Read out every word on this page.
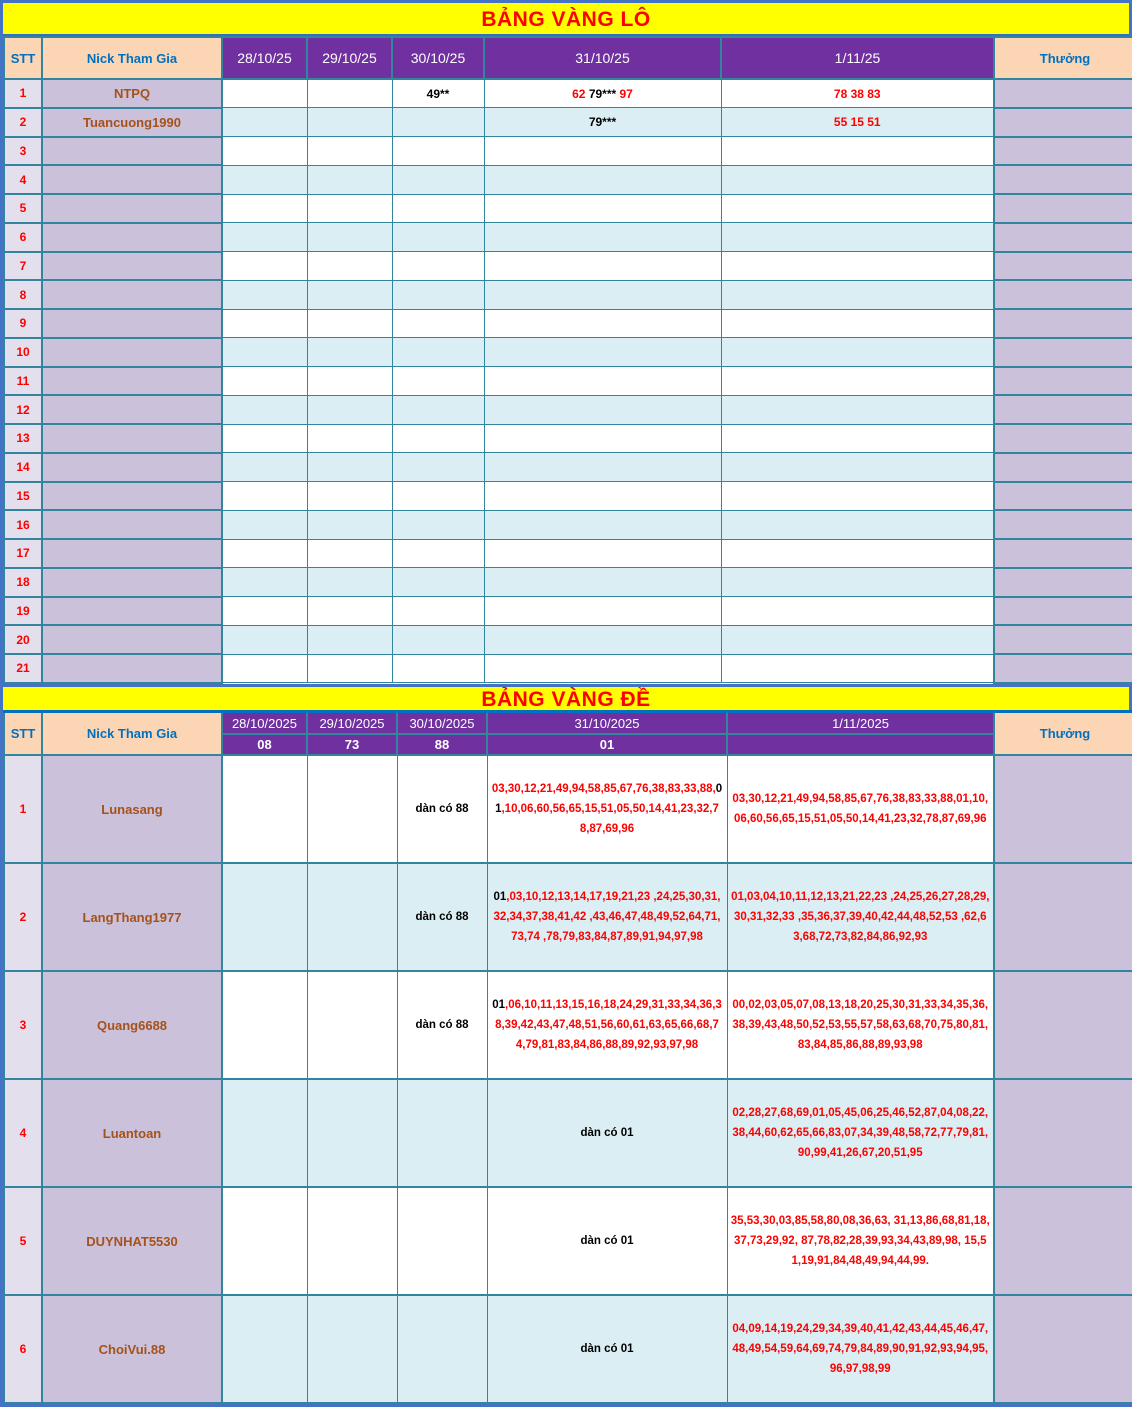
BẢNG VÀNG LÔ
STT	Nick Tham Gia	28/10/25	29/10/25	30/10/25	31/10/25	1/11/25	Thưởng
1	NTPQ			49**	62 79*** 97	78 38 83	
2	Tuancuong1990				79***	55 15 51	
3							
4							
5							
6							
7							
8							
9							
10							
11							
12							
13							
14							
15							
16							
17							
18							
19							
20							
21							
BẢNG VÀNG ĐỀ
STT	Nick Tham Gia	28/10/2025	29/10/2025	30/10/2025	31/10/2025	1/11/2025	Thưởng
		08	73	88	01		
1	Lunasang			dàn có 88	03,30,12,21,49,94,58,85,67,76,38,83,33,88,01,10,06,60,56,65,15,51,05,50,14,41,23,32,78,87,69,96	03,30,12,21,49,94,58,85,67,76,38,83,33,88,01,10,06,60,56,65,15,51,05,50,14,41,23,32,78,87,69,96	
2	LangThang1977			dàn có 88	01,03,10,12,13,14,17,19,21,23 ,24,25,30,31,32,34,37,38,41,42 ,43,46,47,48,49,52,64,71,73,74 ,78,79,83,84,87,89,91,94,97,98	01,03,04,10,11,12,13,21,22,23 ,24,25,26,27,28,29,30,31,32,33 ,35,36,37,39,40,42,44,48,52,53 ,62,63,68,72,73,82,84,86,92,93	
3	Quang6688			dàn có 88	01,06,10,11,13,15,16,18,24,29,31,33,34,36,38,39,42,43,47,48,51,56,60,61,63,65,66,68,74,79,81,83,84,86,88,89,92,93,97,98	00,02,03,05,07,08,13,18,20,25,30,31,33,34,35,36,38,39,43,48,50,52,53,55,57,58,63,68,70,75,80,81,83,84,85,86,88,89,93,98	
4	Luantoan				dàn có 01	02,28,27,68,69,01,05,45,06,25,46,52,87,04,08,22,38,44,60,62,65,66,83,07,34,39,48,58,72,77,79,81,90,99,41,26,67,20,51,95	
5	DUYNHAT5530				dàn có 01	35,53,30,03,85,58,80,08,36,63, 31,13,86,68,81,18,37,73,29,92, 87,78,82,28,39,93,34,43,89,98, 15,51,19,91,84,48,49,94,44,99.	
6	ChoiVui.88				dàn có 01	04,09,14,19,24,29,34,39,40,41,42,43,44,45,46,47,48,49,54,59,64,69,74,79,84,89,90,91,92,93,94,95,96,97,98,99	
